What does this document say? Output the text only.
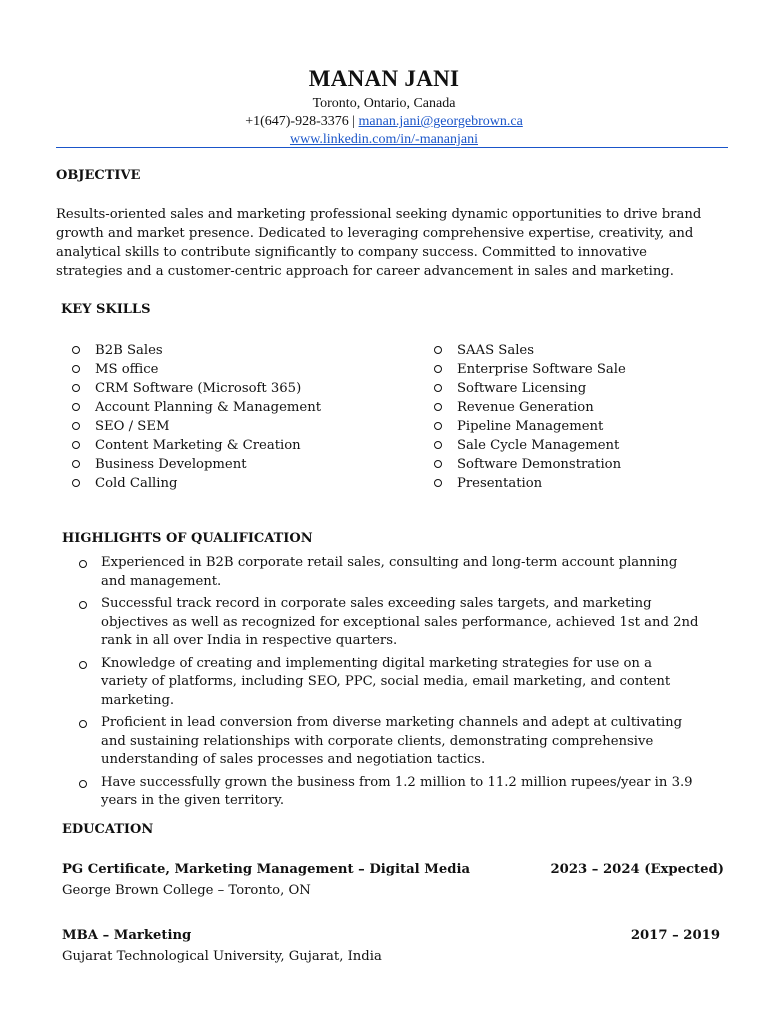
MANAN JANI
Toronto, Ontario, Canada
+1(647)-928-3376 | manan.jani@georgebrown.ca
www.linkedin.com/in/-mananjani
OBJECTIVE
Results-oriented sales and marketing professional seeking dynamic opportunities to drive brand growth and market presence. Dedicated to leveraging comprehensive expertise, creativity, and analytical skills to contribute significantly to company success. Committed to innovative strategies and a customer-centric approach for career advancement in sales and marketing.
KEY SKILLS
B2B Sales
MS office
CRM Software (Microsoft 365)
Account Planning & Management
SEO / SEM
Content Marketing & Creation
Business Development
Cold Calling
SAAS Sales
Enterprise Software Sale
Software Licensing
Revenue Generation
Pipeline Management
Sale Cycle Management
Software Demonstration
Presentation
HIGHLIGHTS OF QUALIFICATION
Experienced in B2B corporate retail sales, consulting and long-term account planning and management.
Successful track record in corporate sales exceeding sales targets, and marketing objectives as well as recognized for exceptional sales performance, achieved 1st and 2nd rank in all over India in respective quarters.
Knowledge of creating and implementing digital marketing strategies for use on a variety of platforms, including SEO, PPC, social media, email marketing, and content marketing.
Proficient in lead conversion from diverse marketing channels and adept at cultivating and sustaining relationships with corporate clients, demonstrating comprehensive understanding of sales processes and negotiation tactics.
Have successfully grown the business from 1.2 million to 11.2 million rupees/year in 3.9 years in the given territory.
EDUCATION
PG Certificate, Marketing Management – Digital Media	2023 – 2024 (Expected)
George Brown College – Toronto, ON
MBA – Marketing	2017 – 2019
Gujarat Technological University, Gujarat, India
